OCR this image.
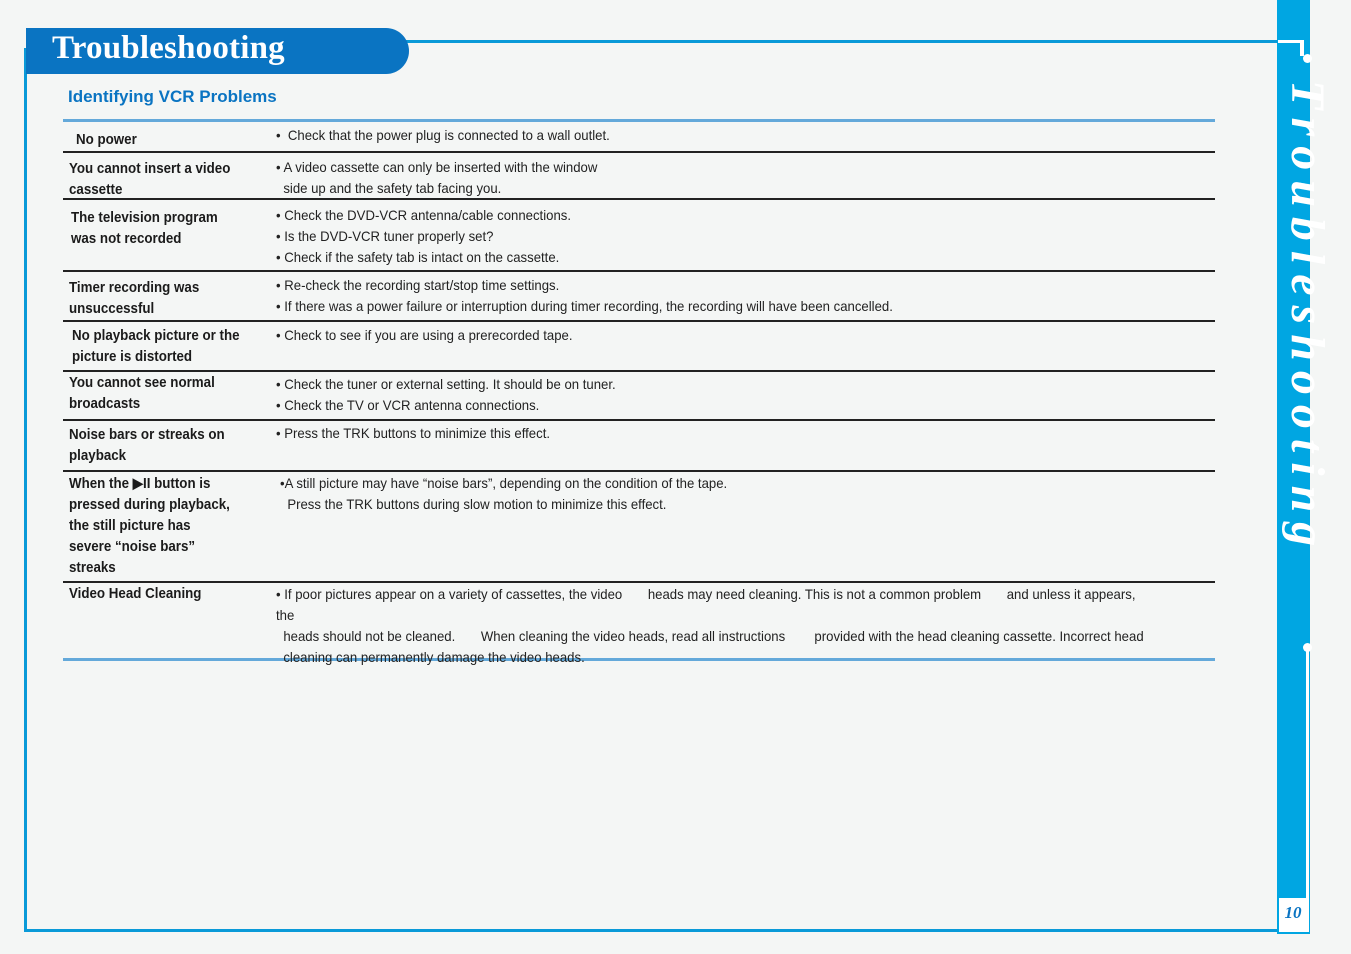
Troubleshooting
Troubleshooting
10
Identifying VCR Problems
No power	•  Check that the power plug is connected to a wall outlet.
You cannot insert a video cassette
• A video cassette can only be inserted with the window
side up and the safety tab facing you.
The television program was not recorded
• Check the DVD-VCR antenna/cable connections.
• Is the DVD-VCR tuner properly set?
• Check if the safety tab is intact on the cassette.
Timer recording was unsuccessful
• Re-check the recording start/stop time settings.
• If there was a power failure or interruption during timer recording, the recording will have been cancelled.
No playback picture or the picture is distorted
• Check to see if you are using a prerecorded tape.
You cannot see normal broadcasts
• Check the tuner or external setting. It should be on tuner.
• Check the TV or VCR antenna connections.
Noise bars or streaks on playback
• Press the TRK buttons to minimize this effect.
When the ▶II button is pressed during playback, the still picture has severe “noise bars” streaks
•A still picture may have “noise bars”, depending on the condition of the tape.
Press the TRK buttons during slow motion to minimize this effect.
Video Head Cleaning	• If poor pictures appear on a variety of cassettes, the video       heads may need cleaning. This is not a common problem       and unless it appears, the
heads should not be cleaned.       When cleaning the video heads, read all instructions        provided with the head cleaning cassette. Incorrect head
cleaning can permanently damage the video heads.
